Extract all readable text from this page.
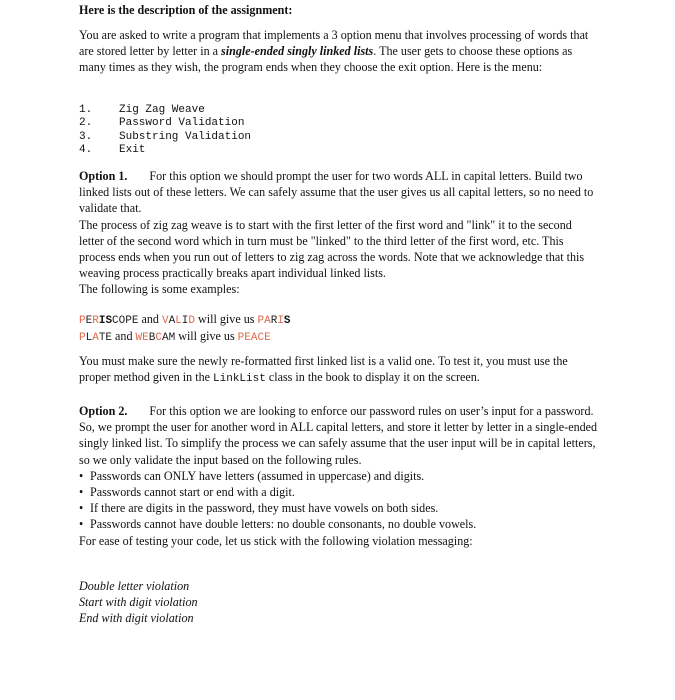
Here is the description of the assignment:

You are asked to write a program that implements a 3 option menu that involves processing of words that are stored letter by letter in a single-ended singly linked lists. The user gets to choose these options as many times as they wish, the program ends when they choose the exit option. Here is the menu:

1.	Zig Zag Weave
2.	Password Validation
3.	Substring Validation
4.	Exit

Option 1. For this option we should prompt the user for two words ALL in capital letters. Build two linked lists out of these letters. We can safely assume that the user gives us all capital letters, so no need to validate that.

The process of zig zag weave is to start with the first letter of the first word and "link" it to the second letter of the second word which in turn must be "linked" to the third letter of the first word, etc. This process ends when you run out of letters to zig zag across the words. Note that we acknowledge that this weaving process practically breaks apart individual linked lists.

The following is some examples:

PERISCOPE and VALID will give us PARIS
PLATE and WEBCAM will give us PEACE

You must make sure the newly re-formatted first linked list is a valid one. To test it, you must use the proper method given in the LinkList class in the book to display it on the screen.

Option 2. For this option we are looking to enforce our password rules on user’s input for a password.

So, we prompt the user for another word in ALL capital letters, and store it letter by letter in a single-ended singly linked list. To simplify the process we can safely assume that the user input will be in capital letters, so we only validate the input based on the following rules.

• Passwords can ONLY have letters (assumed in uppercase) and digits.
• Passwords cannot start or end with a digit.
• If there are digits in the password, they must have vowels on both sides.
• Passwords cannot have double letters: no double consonants, no double vowels.

For ease of testing your code, let us stick with the following violation messaging:

Double letter violation

Start with digit violation

End with digit violation
